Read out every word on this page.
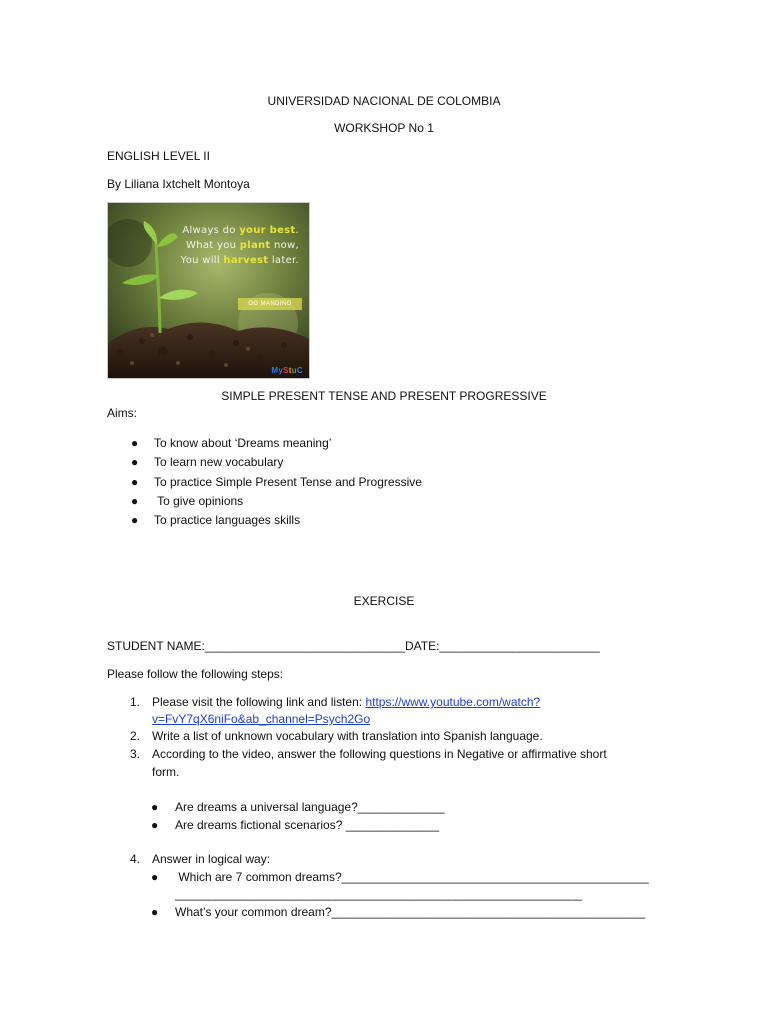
UNIVERSIDAD NACIONAL DE COLOMBIA
WORKSHOP No 1
ENGLISH LEVEL II
By Liliana Ixtchelt Montoya
Always do your best.
What you plant now,
You will harvest later.
OG MANDINO
MyStuC
SIMPLE PRESENT TENSE AND PRESENT PROGRESSIVE
Aims:
● To know about ‘Dreams meaning’
● To learn new vocabulary
● To practice Simple Present Tense and Progressive
● To give opinions
● To practice languages skills
EXERCISE
STUDENT NAME:______________________________DATE:________________________
Please follow the following steps:
1. Please visit the following link and listen: https://www.youtube.com/watch?
v=FvY7qX6niFo&ab_channel=Psych2Go
2. Write a list of unknown vocabulary with translation into Spanish language.
3. According to the video, answer the following questions in Negative or affirmative short
form.
● Are dreams a universal language?_____________
● Are dreams fictional scenarios? ______________
4. Answer in logical way:
● Which are 7 common dreams?______________________________________________
_____________________________________________________________
● What’s your common dream?_______________________________________________
